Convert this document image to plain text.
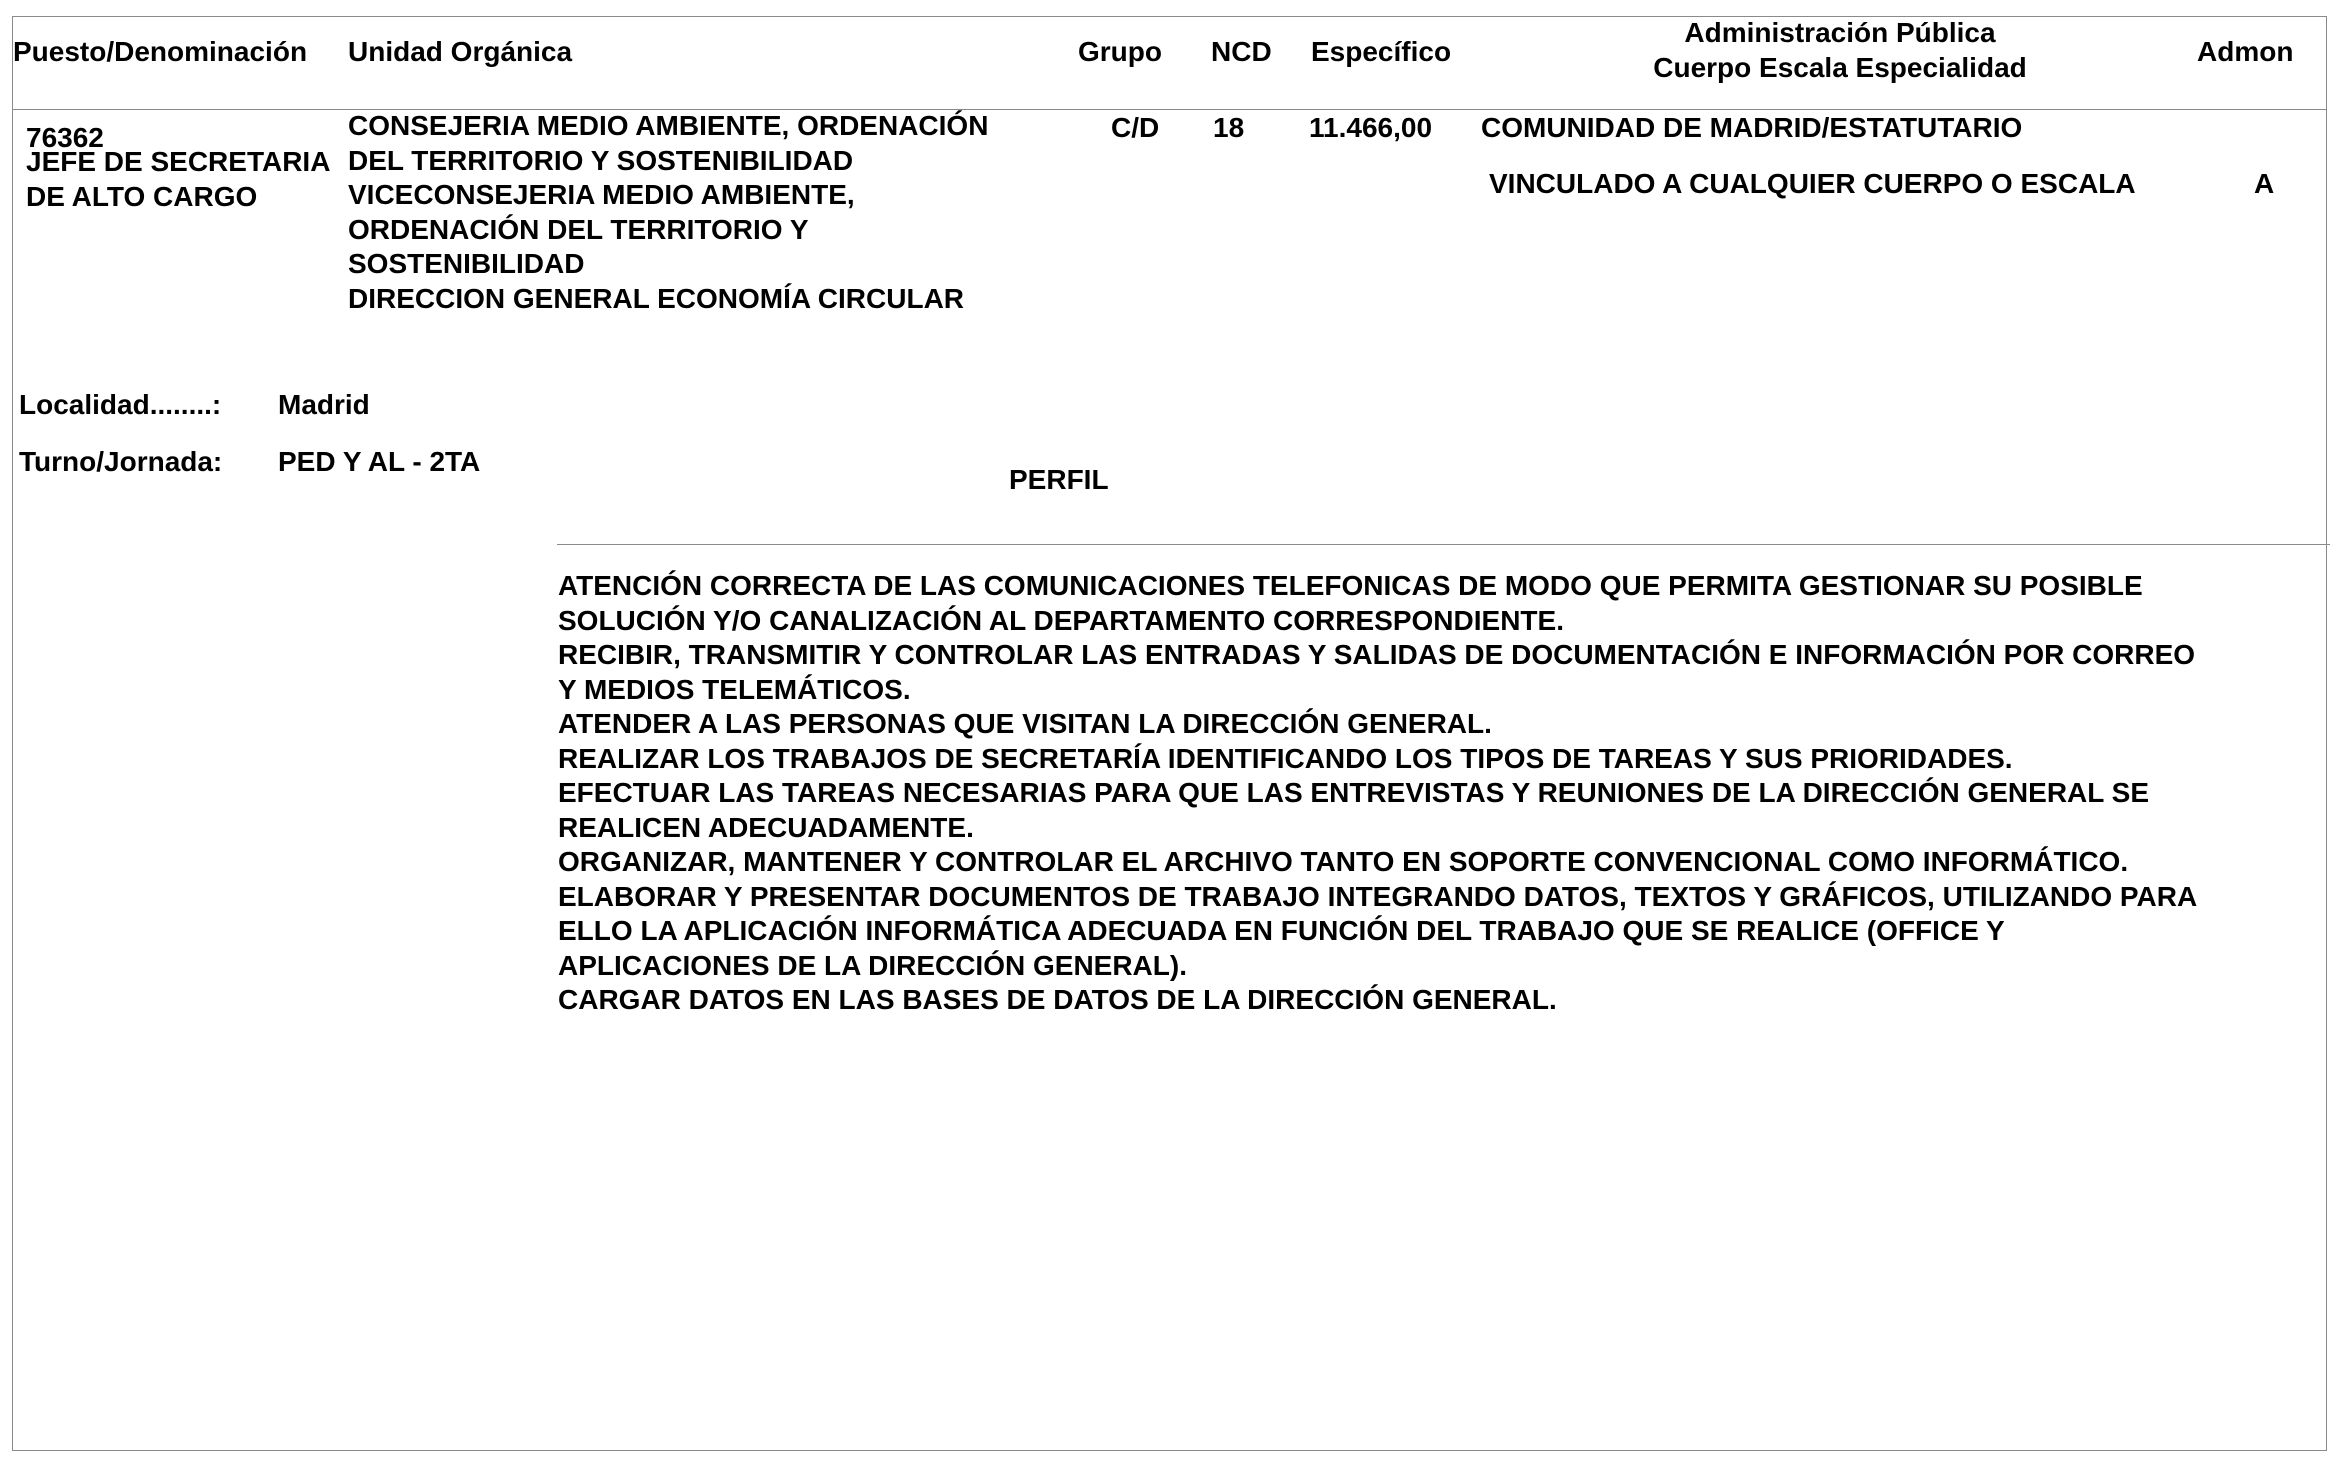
Puesto/Denominación Unidad Orgánica	Grupo NCD Específico
Administración Pública
Cuerpo Escala Especialidad
Admon
76362
JEFE DE SECRETARIA
DE ALTO CARGO
CONSEJERIA MEDIO AMBIENTE, ORDENACIÓN
DEL TERRITORIO Y SOSTENIBILIDAD
VICECONSEJERIA MEDIO AMBIENTE,
ORDENACIÓN DEL TERRITORIO Y
SOSTENIBILIDAD
DIRECCION GENERAL ECONOMÍA CIRCULAR
C/D 18 11.466,00 COMUNIDAD DE MADRID/ESTATUTARIO
VINCULADO A CUALQUIER CUERPO O ESCALA	A
Localidad........: Madrid
Turno/Jornada: PED Y AL - 2TA
PERFIL
ATENCIÓN CORRECTA DE LAS COMUNICACIONES TELEFONICAS DE MODO QUE PERMITA GESTIONAR SU POSIBLE
SOLUCIÓN Y/O CANALIZACIÓN AL DEPARTAMENTO CORRESPONDIENTE.
RECIBIR, TRANSMITIR Y CONTROLAR LAS ENTRADAS Y SALIDAS DE DOCUMENTACIÓN E INFORMACIÓN POR CORREO
Y MEDIOS TELEMÁTICOS.
ATENDER A LAS PERSONAS QUE VISITAN LA DIRECCIÓN GENERAL.
REALIZAR LOS TRABAJOS DE SECRETARÍA IDENTIFICANDO LOS TIPOS DE TAREAS Y SUS PRIORIDADES.
EFECTUAR LAS TAREAS NECESARIAS PARA QUE LAS ENTREVISTAS Y REUNIONES DE LA DIRECCIÓN GENERAL SE
REALICEN ADECUADAMENTE.
ORGANIZAR, MANTENER Y CONTROLAR EL ARCHIVO TANTO EN SOPORTE CONVENCIONAL COMO INFORMÁTICO.
ELABORAR Y PRESENTAR DOCUMENTOS DE TRABAJO INTEGRANDO DATOS, TEXTOS Y GRÁFICOS, UTILIZANDO PARA
ELLO LA APLICACIÓN INFORMÁTICA ADECUADA EN FUNCIÓN DEL TRABAJO QUE SE REALICE (OFFICE Y
APLICACIONES DE LA DIRECCIÓN GENERAL).
CARGAR DATOS EN LAS BASES DE DATOS DE LA DIRECCIÓN GENERAL.
